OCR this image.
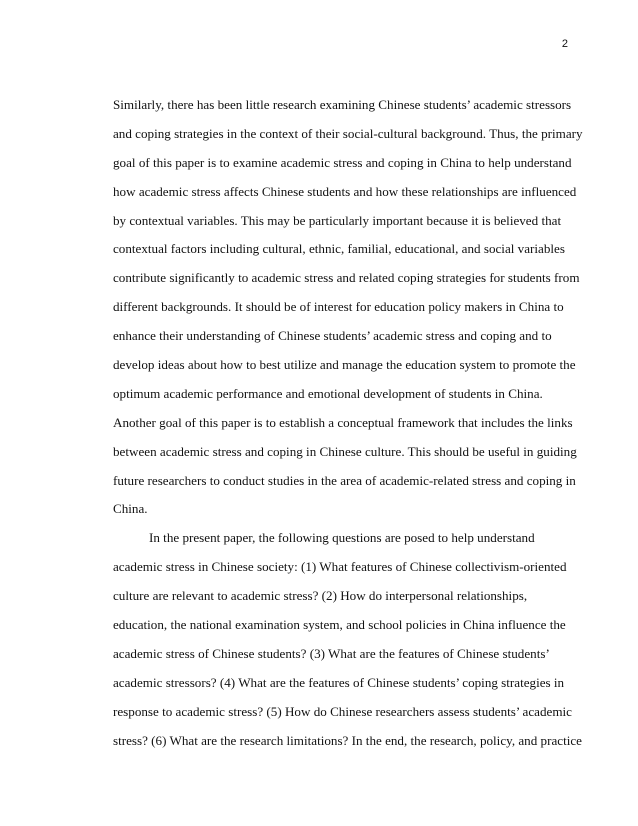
2
Similarly, there has been little research examining Chinese students’ academic stressors
and coping strategies in the context of their social-cultural background. Thus, the primary
goal of this paper is to examine academic stress and coping in China to help understand
how academic stress affects Chinese students and how these relationships are influenced
by contextual variables. This may be particularly important because it is believed that
contextual factors including cultural, ethnic, familial, educational, and social variables
contribute significantly to academic stress and related coping strategies for students from
different backgrounds. It should be of interest for education policy makers in China to
enhance their understanding of Chinese students’ academic stress and coping and to
develop ideas about how to best utilize and manage the education system to promote the
optimum academic performance and emotional development of students in China.
Another goal of this paper is to establish a conceptual framework that includes the links
between academic stress and coping in Chinese culture. This should be useful in guiding
future researchers to conduct studies in the area of academic-related stress and coping in
China.
In the present paper, the following questions are posed to help understand
academic stress in Chinese society: (1) What features of Chinese collectivism-oriented
culture are relevant to academic stress? (2) How do interpersonal relationships,
education, the national examination system, and school policies in China influence the
academic stress of Chinese students? (3) What are the features of Chinese students’
academic stressors? (4) What are the features of Chinese students’ coping strategies in
response to academic stress? (5) How do Chinese researchers assess students’ academic
stress? (6) What are the research limitations? In the end, the research, policy, and practice
